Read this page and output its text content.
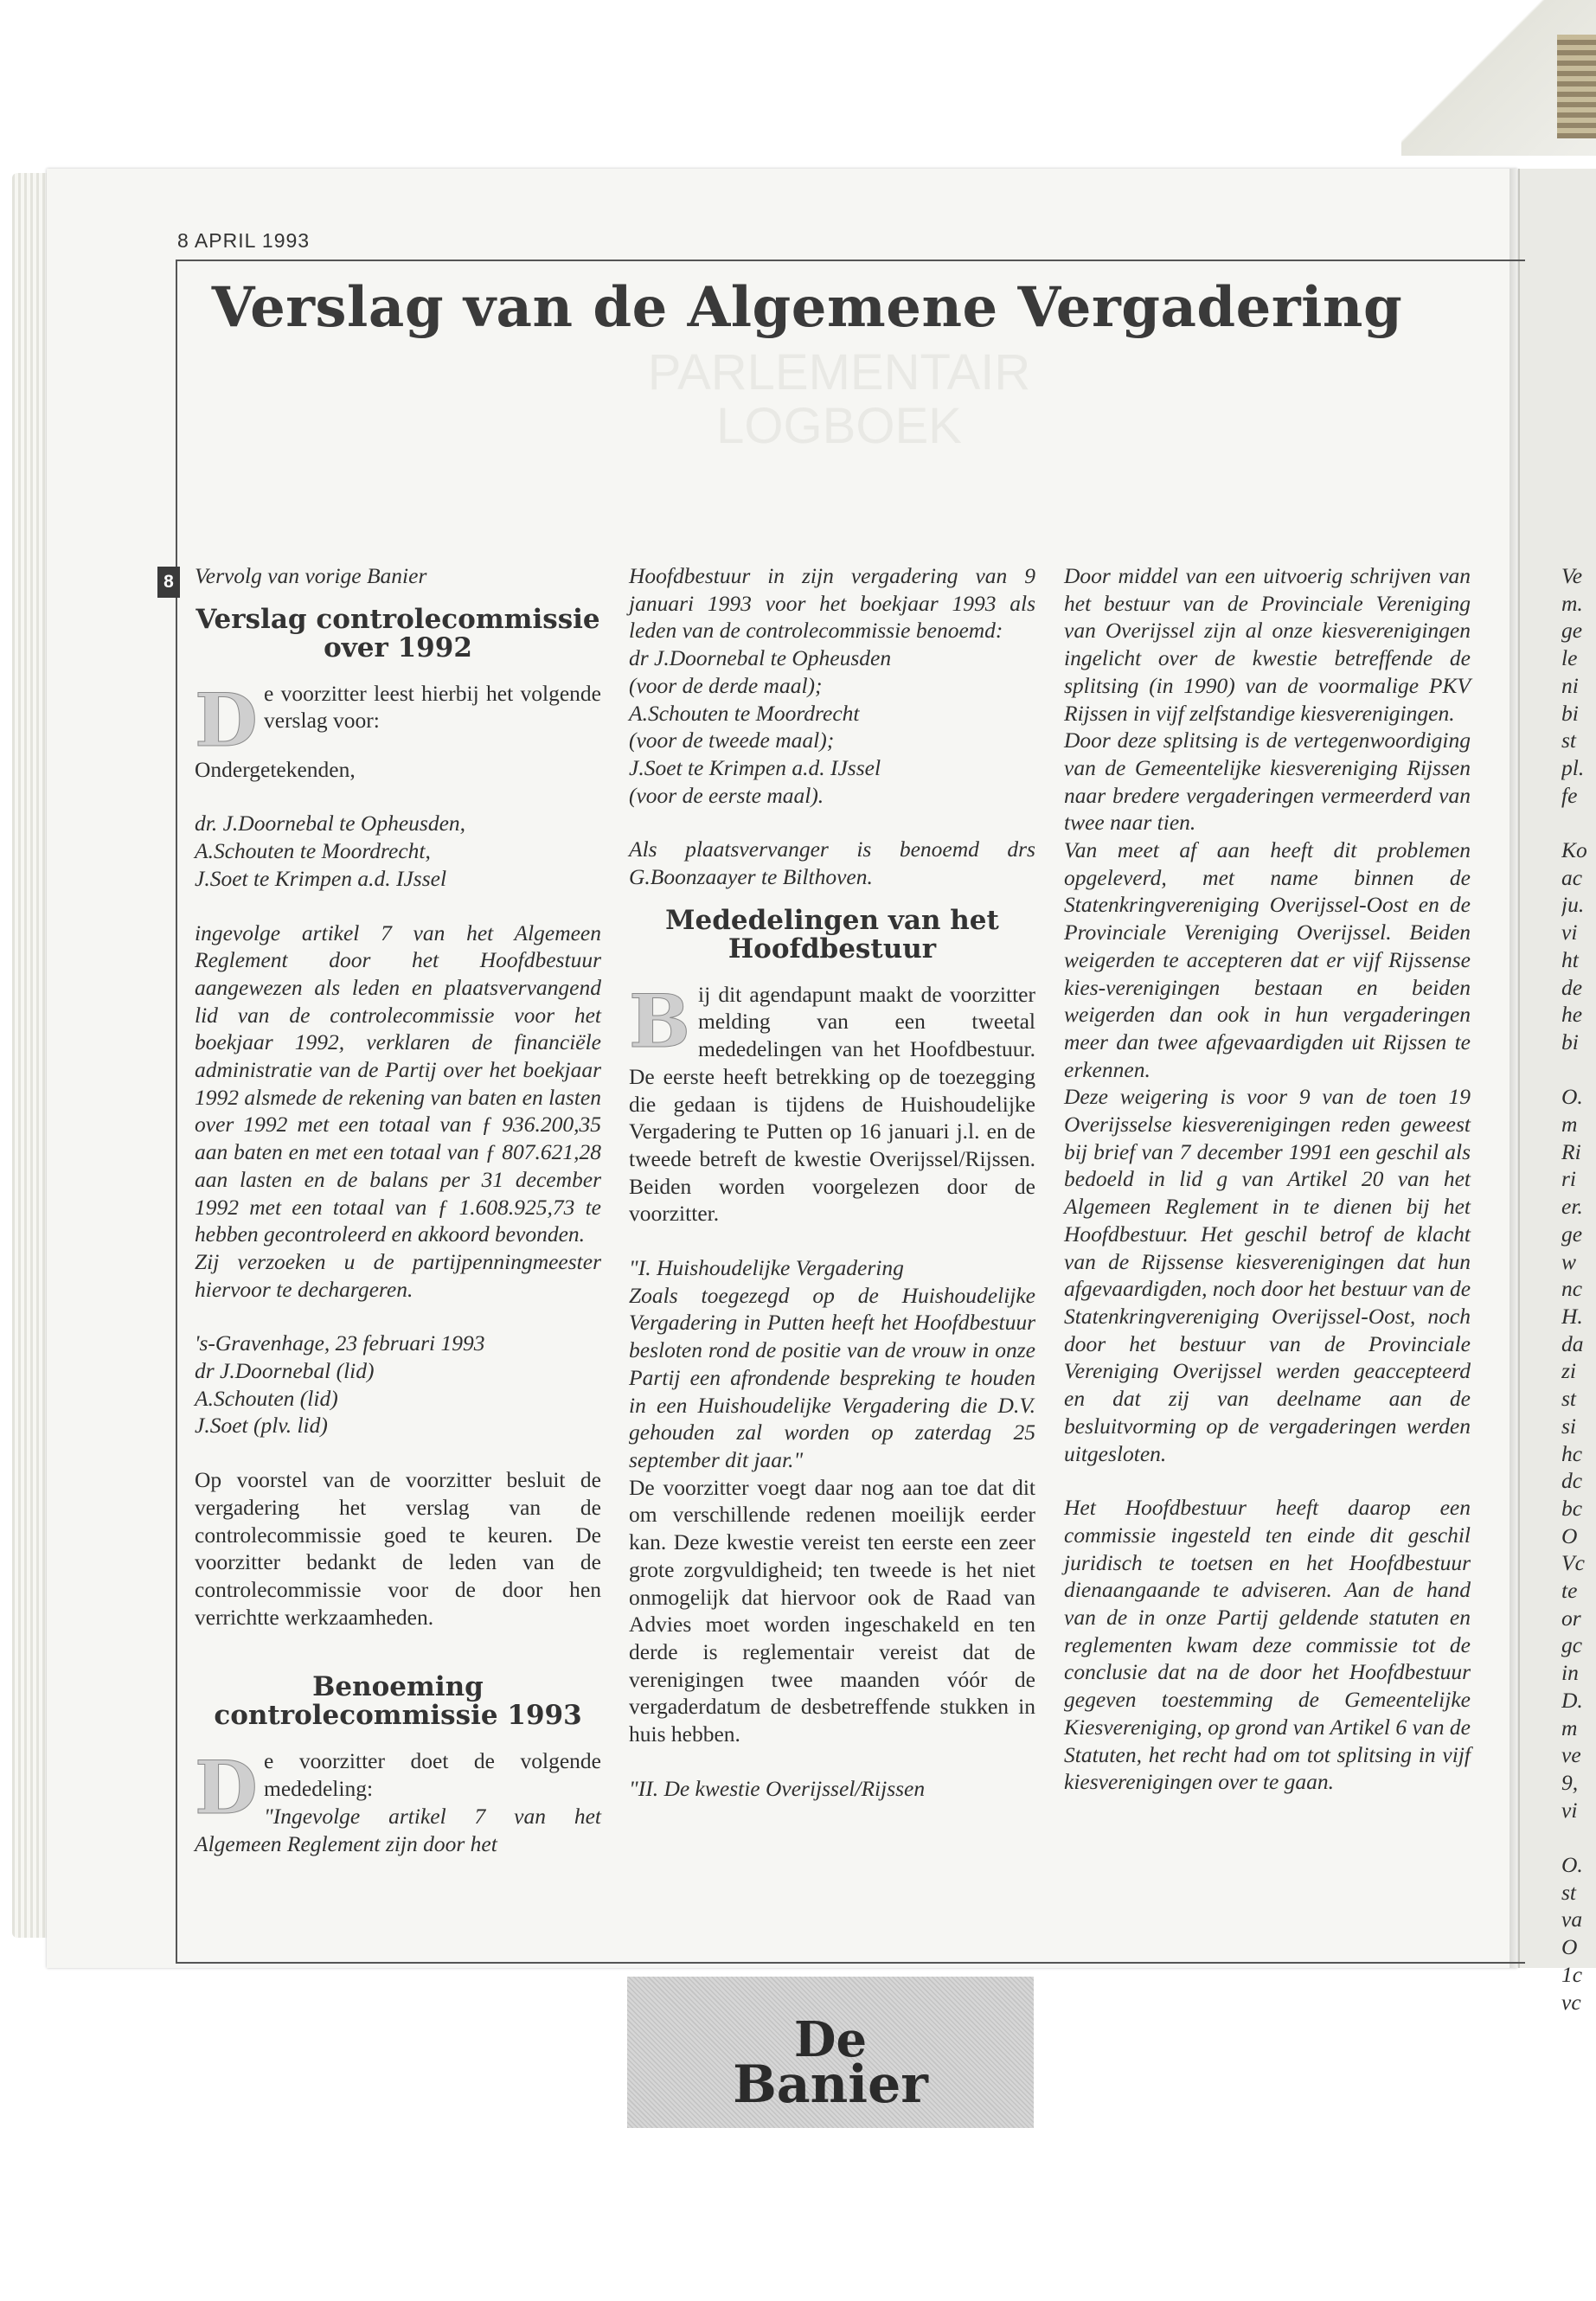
8 APRIL 1993
Verslag van de Algemene Vergadering
PARLEMENTAIR
LOGBOEK
8 Vervolg van vorige Banier

Verslag controlecommissie over 1992
D e voorzitter leest hierbij het volgende verslag voor:

Ondergetekenden,

dr. J.Doornebal te Opheusden,

A.Schouten te Moordrecht,

J.Soet te Krimpen a.d. IJssel

ingevolge artikel 7 van het Algemeen Reglement door het Hoofdbestuur aangewezen als leden en plaatsvervangend lid van de controlecommissie voor het boekjaar 1992, verklaren de financiële administratie van de Partij over het boekjaar 1992 alsmede de rekening van baten en lasten over 1992 met een totaal van ƒ 936.200,35 aan baten en met een totaal van ƒ 807.621,28 aan lasten en de balans per 31 december 1992 met een totaal van ƒ 1.608.925,73 te hebben gecontroleerd en akkoord bevonden.

Zij verzoeken u de partijpenningmeester hiervoor te dechargeren.

's-Gravenhage, 23 februari 1993

dr J.Doornebal (lid)

A.Schouten (lid)

J.Soet (plv. lid)

Op voorstel van de voorzitter besluit de vergadering het verslag van de controlecommissie goed te keuren. De voorzitter bedankt de leden van de controlecommissie voor de door hen verrichtte werkzaamheden.

Benoeming controlecommissie 1993
D e voorzitter doet de volgende mededeling:

"Ingevolge artikel 7 van het Algemeen Reglement zijn door het

Hoofdbestuur in zijn vergadering van 9 januari 1993 voor het boekjaar 1993 als leden van de controlecommissie benoemd:

dr J.Doornebal te Opheusden

(voor de derde maal);

A.Schouten te Moordrecht

(voor de tweede maal);

J.Soet te Krimpen a.d. IJssel

(voor de eerste maal).

Als plaatsvervanger is benoemd drs G.Boonzaayer te Bilthoven.

Mededelingen van het Hoofdbestuur
B ij dit agendapunt maakt de voorzitter melding van een tweetal mededelingen van het Hoofdbestuur. De eerste heeft betrekking op de toezegging die gedaan is tijdens de Huishoudelijke Vergadering te Putten op 16 januari j.l. en de tweede betreft de kwestie Overijssel/Rijssen. Beiden worden voorgelezen door de voorzitter.

"I. Huishoudelijke Vergadering

Zoals toegezegd op de Huishoudelijke Vergadering in Putten heeft het Hoofdbestuur besloten rond de positie van de vrouw in onze Partij een afrondende bespreking te houden in een Huishoudelijke Vergadering die D.V. gehouden zal worden op zaterdag 25 september dit jaar."

De voorzitter voegt daar nog aan toe dat dit om verschillende redenen moeilijk eerder kan. Deze kwestie vereist ten eerste een zeer grote zorgvuldigheid; ten tweede is het niet onmogelijk dat hiervoor ook de Raad van Advies moet worden ingeschakeld en ten derde is reglementair vereist dat de verenigingen twee maanden vóór de vergaderdatum de desbetreffende stukken in huis hebben.

"II. De kwestie Overijssel/Rijssen

De
Banier

Door middel van een uitvoerig schrijven van het bestuur van de Provinciale Vereniging van Overijssel zijn al onze kiesverenigingen ingelicht over de kwestie betreffende de splitsing (in 1990) van de voormalige PKV Rijssen in vijf zelfstandige kiesverenigingen.

Door deze splitsing is de vertegenwoordiging van de Gemeentelijke kiesvereniging Rijssen naar bredere vergaderingen vermeerderd van twee naar tien.

Van meet af aan heeft dit problemen opgeleverd, met name binnen de Statenkringvereniging Overijssel-Oost en de Provinciale Vereniging Overijssel. Beiden weigerden te accepteren dat er vijf Rijssense kies-verenigingen bestaan en beiden weigerden dan ook in hun vergaderingen meer dan twee afgevaardigden uit Rijssen te erkennen.

Deze weigering is voor 9 van de toen 19 Overijsselse kiesverenigingen reden geweest bij brief van 7 december 1991 een geschil als bedoeld in lid g van Artikel 20 van het Algemeen Reglement in te dienen bij het Hoofdbestuur. Het geschil betrof de klacht van de Rijssense kiesverenigingen dat hun afgevaardigden, noch door het bestuur van de Statenkringvereniging Overijssel-Oost, noch door het bestuur van de Provinciale Vereniging Overijssel werden geaccepteerd en dat zij van deelname aan de besluitvorming op de vergaderingen werden uitgesloten.

Het Hoofdbestuur heeft daarop een commissie ingesteld ten einde dit geschil juridisch te toetsen en het Hoofdbestuur dienaangaande te adviseren. Aan de hand van de in onze Partij geldende statuten en reglementen kwam deze commissie tot de conclusie dat na de door het Hoofdbestuur gegeven toestemming de Gemeentelijke Kiesvereniging, op grond van Artikel 6 van de Statuten, het recht had om tot splitsing in vijf kiesverenigingen over te gaan.

Ve
m.
ge
le
ni
bi
st
pl.
fe

Ko
ac
ju.
vi
ht
de
he
bi

O.
m
Ri
ri
er.
ge
w
nc
H.
da
zi
st
si
hc
dc
bc
O
Vc
te
or
gc
in
D.
m
ve
9,
vi

O.
st
va
O
1c
vc
